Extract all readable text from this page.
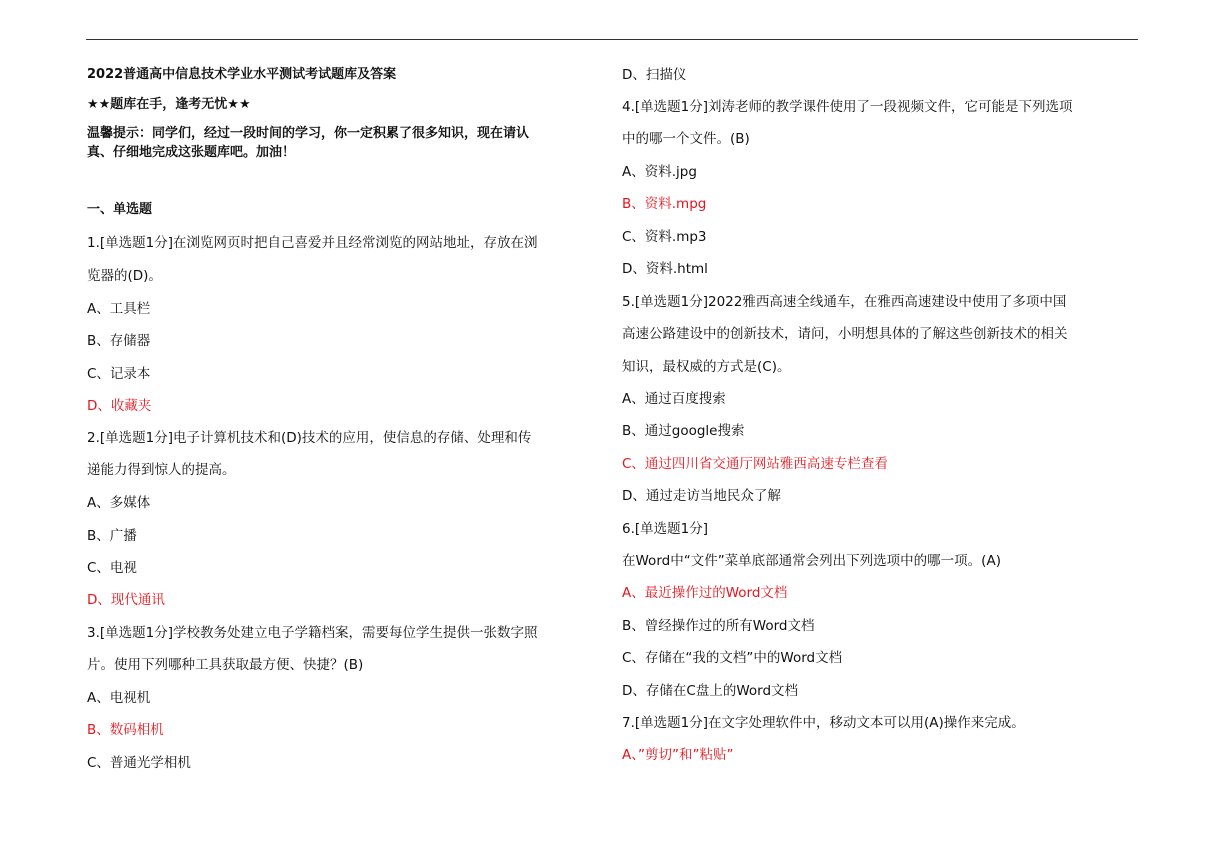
2022普通高中信息技术学业水平测试考试题库及答案
★★题库在手，逢考无忧★★
温馨提示：同学们，经过一段时间的学习，你一定积累了很多知识，现在请认
真、仔细地完成这张题库吧。加油！
一、单选题
1.[单选题1分]在浏览网页时把自己喜爱并且经常浏览的网站地址，存放在浏
览器的(D)。
A、工具栏
B、存储器
C、记录本
D、收藏夹
2.[单选题1分]电子计算机技术和(D)技术的应用，使信息的存储、处理和传
递能力得到惊人的提高。
A、多媒体
B、广播
C、电视
D、现代通讯
3.[单选题1分]学校教务处建立电子学籍档案，需要每位学生提供一张数字照
片。使用下列哪种工具获取最方便、快捷？(B)
A、电视机
B、数码相机
C、普通光学相机
D、扫描仪
4.[单选题1分]刘涛老师的教学课件使用了一段视频文件，它可能是下列选项
中的哪一个文件。(B)
A、资料.jpg
B、资料.mpg
C、资料.mp3
D、资料.html
5.[单选题1分]2022雅西高速全线通车，在雅西高速建设中使用了多项中国
高速公路建设中的创新技术，请问，小明想具体的了解这些创新技术的相关
知识，最权威的方式是(C)。
A、通过百度搜索
B、通过google搜索
C、通过四川省交通厅网站雅西高速专栏查看
D、通过走访当地民众了解
6.[单选题1分]
在Word中“文件”菜单底部通常会列出下列选项中的哪一项。(A)
A、最近操作过的Word文档
B、曾经操作过的所有Word文档
C、存储在“我的文档”中的Word文档
D、存储在C盘上的Word文档
7.[单选题1分]在文字处理软件中，移动文本可以用(A)操作来完成。
A、”剪切”和”粘贴”
